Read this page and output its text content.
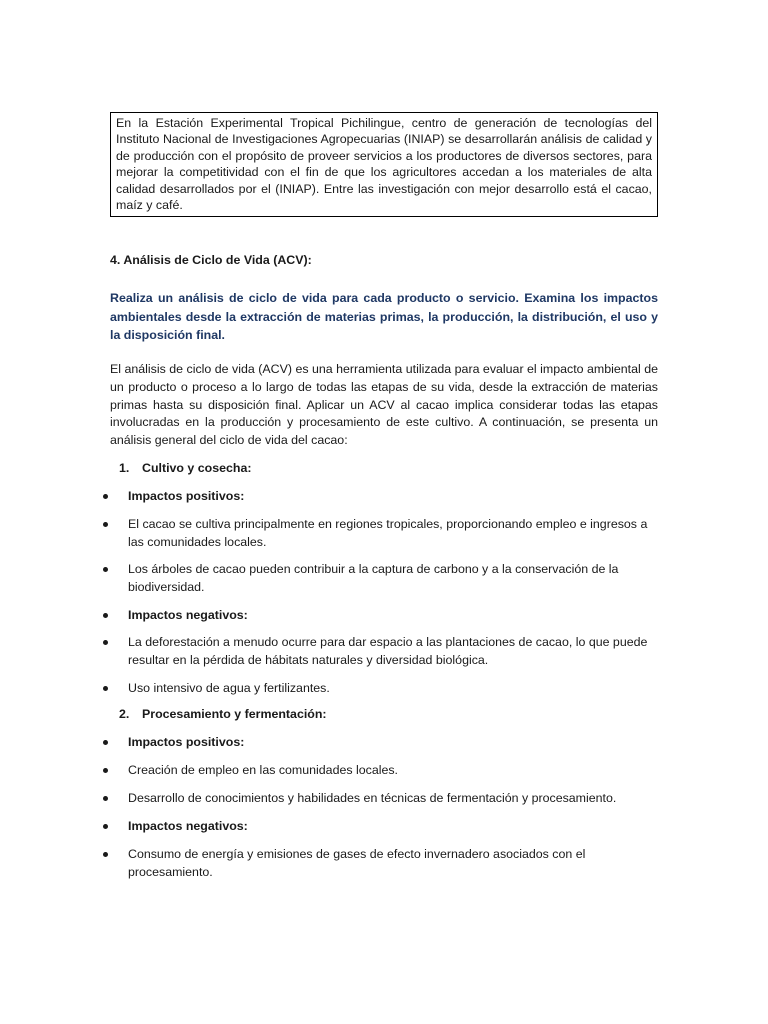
En la Estación Experimental Tropical Pichilingue, centro de generación de tecnologías del Instituto Nacional de Investigaciones Agropecuarias (INIAP) se desarrollarán análisis de calidad y de producción con el propósito de proveer servicios a los productores de diversos sectores, para mejorar la competitividad con el fin de que los agricultores accedan a los materiales de alta calidad desarrollados por el (INIAP). Entre las investigación con mejor desarrollo está el cacao, maíz y café.
4. Análisis de Ciclo de Vida (ACV):
Realiza un análisis de ciclo de vida para cada producto o servicio. Examina los impactos ambientales desde la extracción de materias primas, la producción, la distribución, el uso y la disposición final.
El análisis de ciclo de vida (ACV) es una herramienta utilizada para evaluar el impacto ambiental de un producto o proceso a lo largo de todas las etapas de su vida, desde la extracción de materias primas hasta su disposición final. Aplicar un ACV al cacao implica considerar todas las etapas involucradas en la producción y procesamiento de este cultivo. A continuación, se presenta un análisis general del ciclo de vida del cacao:
1. Cultivo y cosecha:
Impactos positivos:
El cacao se cultiva principalmente en regiones tropicales, proporcionando empleo e ingresos a las comunidades locales.
Los árboles de cacao pueden contribuir a la captura de carbono y a la conservación de la biodiversidad.
Impactos negativos:
La deforestación a menudo ocurre para dar espacio a las plantaciones de cacao, lo que puede resultar en la pérdida de hábitats naturales y diversidad biológica.
Uso intensivo de agua y fertilizantes.
2. Procesamiento y fermentación:
Impactos positivos:
Creación de empleo en las comunidades locales.
Desarrollo de conocimientos y habilidades en técnicas de fermentación y procesamiento.
Impactos negativos:
Consumo de energía y emisiones de gases de efecto invernadero asociados con el procesamiento.
